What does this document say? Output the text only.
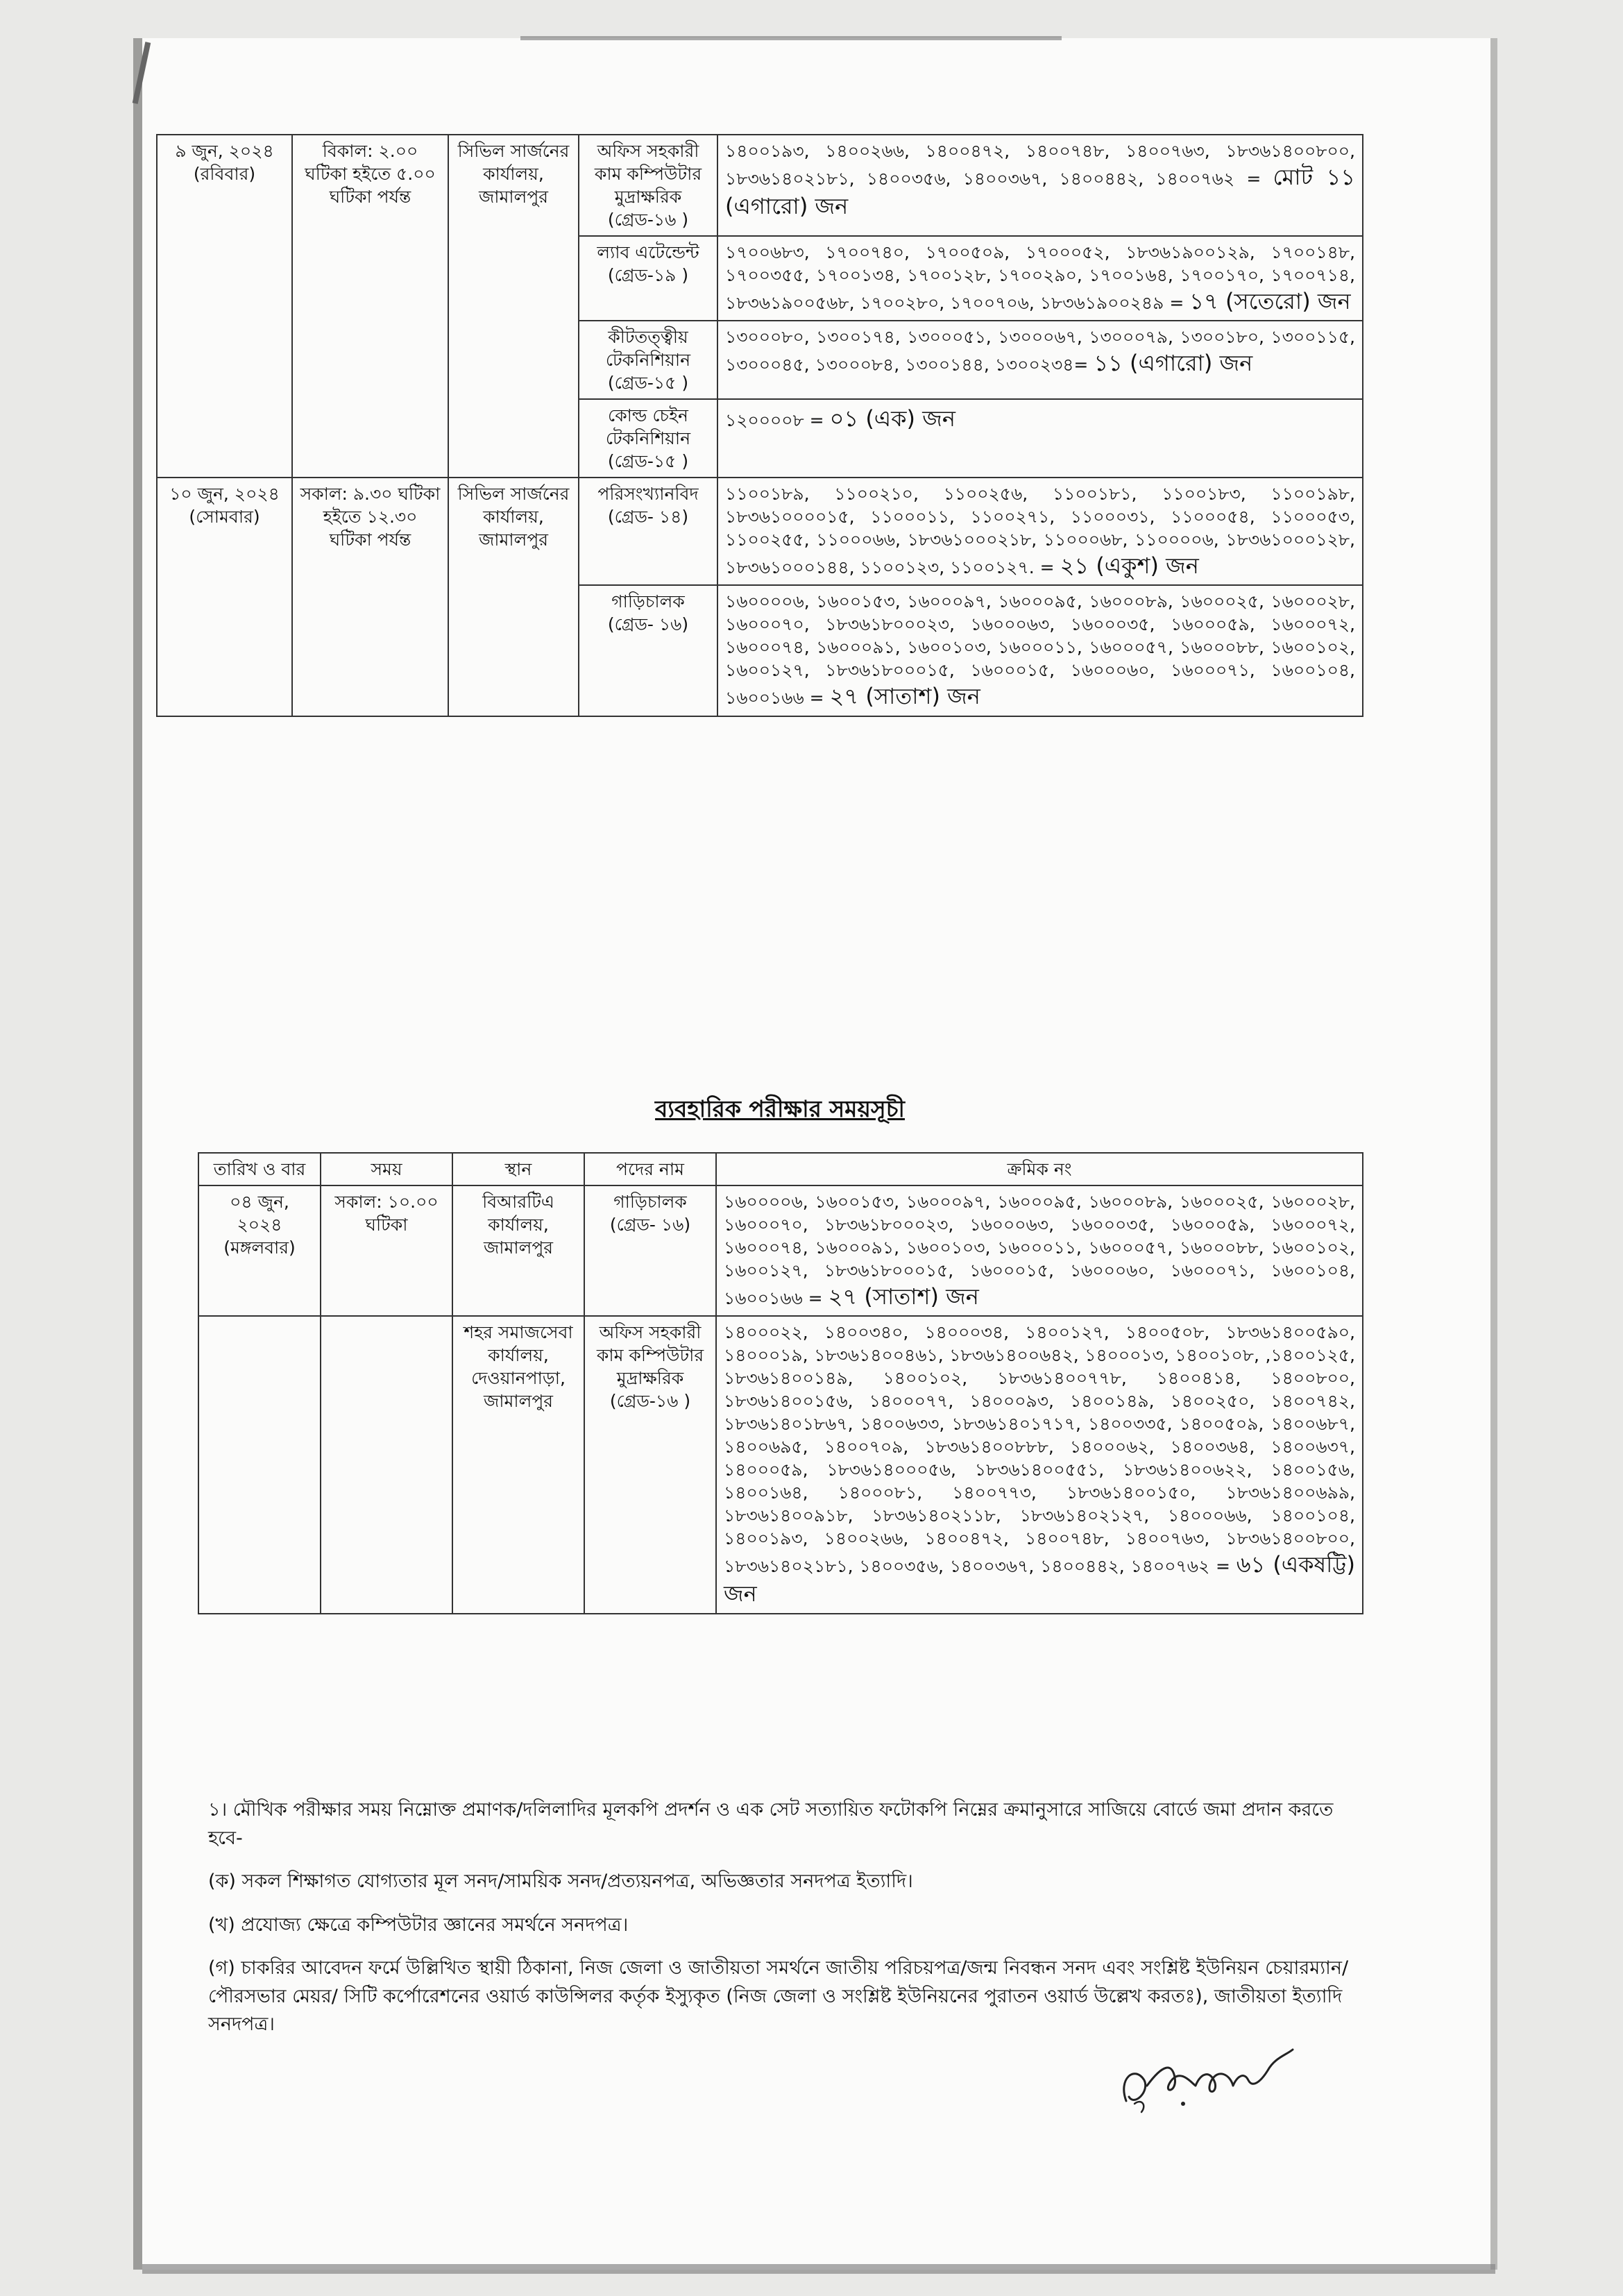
৯ জুন, ২০২৪ (রবিবার)	বিকাল: ২.০০ ঘটিকা হইতে ৫.০০ ঘটিকা পর্যন্ত	সিভিল সার্জনের কার্যালয়, জামালপুর	অফিস সহকারী কাম কম্পিউটার মুদ্রাক্ষরিক (গ্রেড-১৬ )	১৪০০১৯৩, ১৪০০২৬৬, ১৪০০৪৭২, ১৪০০৭৪৮, ১৪০০৭৬৩, ১৮৩৬১৪০০৮০০, ১৮৩৬১৪০২১৮১, ১৪০০৩৫৬, ১৪০০৩৬৭, ১৪০০৪৪২, ১৪০০৭৬২ = মোট ১১ (এগারো) জন
			ল্যাব এটেন্ডেন্ট (গ্রেড-১৯ )	১৭০০৬৮৩, ১৭০০৭৪০, ১৭০০৫০৯, ১৭০০০৫২, ১৮৩৬১৯০০১২৯, ১৭০০১৪৮, ১৭০০৩৫৫, ১৭০০১৩৪, ১৭০০১২৮, ১৭০০২৯০, ১৭০০১৬৪, ১৭০০১৭০, ১৭০০৭১৪, ১৮৩৬১৯০০৫৬৮, ১৭০০২৮০, ১৭০০৭০৬, ১৮৩৬১৯০০২৪৯ = ১৭ (সতেরো) জন
			কীটতত্ত্বীয় টেকনিশিয়ান (গ্রেড-১৫ )	১৩০০০৮০, ১৩০০১৭৪, ১৩০০০৫১, ১৩০০০৬৭, ১৩০০০৭৯, ১৩০০১৮০, ১৩০০১১৫, ১৩০০০৪৫, ১৩০০০৮৪, ১৩০০১৪৪, ১৩০০২৩৪= ১১ (এগারো) জন
			কোল্ড চেইন টেকনিশিয়ান (গ্রেড-১৫ )	১২০০০০৮ = ০১ (এক) জন
১০ জুন, ২০২৪ (সোমবার)	সকাল: ৯.৩০ ঘটিকা হইতে ১২.৩০ ঘটিকা পর্যন্ত	সিভিল সার্জনের কার্যালয়, জামালপুর	পরিসংখ্যানবিদ (গ্রেড- ১৪)	১১০০১৮৯, ১১০০২১০, ১১০০২৫৬, ১১০০১৮১, ১১০০১৮৩, ১১০০১৯৮, ১৮৩৬১০০০০১৫, ১১০০০১১, ১১০০২৭১, ১১০০০৩১, ১১০০০৫৪, ১১০০০৫৩, ১১০০২৫৫, ১১০০০৬৬, ১৮৩৬১০০০২১৮, ১১০০০৬৮, ১১০০০০৬, ১৮৩৬১০০০১২৮, ১৮৩৬১০০০১৪৪, ১১০০১২৩, ১১০০১২৭. = ২১ (একুশ) জন
			গাড়িচালক (গ্রেড- ১৬)	১৬০০০০৬, ১৬০০১৫৩, ১৬০০০৯৭, ১৬০০০৯৫, ১৬০০০৮৯, ১৬০০০২৫, ১৬০০০২৮, ১৬০০০৭০, ১৮৩৬১৮০০০২৩, ১৬০০০৬৩, ১৬০০০৩৫, ১৬০০০৫৯, ১৬০০০৭২, ১৬০০০৭৪, ১৬০০০৯১, ১৬০০১০৩, ১৬০০০১১, ১৬০০০৫৭, ১৬০০০৮৮, ১৬০০১০২, ১৬০০১২৭, ১৮৩৬১৮০০০১৫, ১৬০০০১৫, ১৬০০০৬০, ১৬০০০৭১, ১৬০০১০৪, ১৬০০১৬৬ = ২৭ (সাতাশ) জন
ব্যবহারিক পরীক্ষার সময়সূচী
তারিখ ও বার	সময়	স্থান	পদের নাম	ক্রমিক নং
০৪ জুন, ২০২৪ (মঙ্গলবার)	সকাল: ১০.০০ ঘটিকা	বিআরটিএ কার্যালয়, জামালপুর	গাড়িচালক (গ্রেড- ১৬)	১৬০০০০৬, ১৬০০১৫৩, ১৬০০০৯৭, ১৬০০০৯৫, ১৬০০০৮৯, ১৬০০০২৫, ১৬০০০২৮, ১৬০০০৭০, ১৮৩৬১৮০০০২৩, ১৬০০০৬৩, ১৬০০০৩৫, ১৬০০০৫৯, ১৬০০০৭২, ১৬০০০৭৪, ১৬০০০৯১, ১৬০০১০৩, ১৬০০০১১, ১৬০০০৫৭, ১৬০০০৮৮, ১৬০০১০২, ১৬০০১২৭, ১৮৩৬১৮০০০১৫, ১৬০০০১৫, ১৬০০০৬০, ১৬০০০৭১, ১৬০০১০৪, ১৬০০১৬৬ = ২৭ (সাতাশ) জন
		শহর সমাজসেবা কার্যালয়, দেওয়ানপাড়া, জামালপুর	অফিস সহকারী কাম কম্পিউটার মুদ্রাক্ষরিক (গ্রেড-১৬ )	১৪০০০২২, ১৪০০৩৪০, ১৪০০০৩৪, ১৪০০১২৭, ১৪০০৫০৮, ১৮৩৬১৪০০৫৯০, ১৪০০০১৯, ১৮৩৬১৪০০৪৬১, ১৮৩৬১৪০০৬৪২, ১৪০০০১৩, ১৪০০১০৮, ,১৪০০১২৫, ১৮৩৬১৪০০১৪৯, ১৪০০১০২, ১৮৩৬১৪০০৭৭৮, ১৪০০৪১৪, ১৪০০৮০০, ১৮৩৬১৪০০১৫৬, ১৪০০০৭৭, ১৪০০০৯৩, ১৪০০১৪৯, ১৪০০২৫০, ১৪০০৭৪২, ১৮৩৬১৪০১৮৬৭, ১৪০০৬৩৩, ১৮৩৬১৪০১৭১৭, ১৪০০৩৩৫, ১৪০০৫০৯, ১৪০০৬৮৭, ১৪০০৬৯৫, ১৪০০৭০৯, ১৮৩৬১৪০০৮৮৮, ১৪০০০৬২, ১৪০০৩৬৪, ১৪০০৬৩৭, ১৪০০০৫৯, ১৮৩৬১৪০০০৫৬, ১৮৩৬১৪০০৫৫১, ১৮৩৬১৪০০৬২২, ১৪০০১৫৬, ১৪০০১৬৪, ১৪০০০৮১, ১৪০০৭৭৩, ১৮৩৬১৪০০১৫০, ১৮৩৬১৪০০৬৯৯, ১৮৩৬১৪০০৯১৮, ১৮৩৬১৪০২১১৮, ১৮৩৬১৪০২১২৭, ১৪০০০৬৬, ১৪০০১০৪, ১৪০০১৯৩, ১৪০০২৬৬, ১৪০০৪৭২, ১৪০০৭৪৮, ১৪০০৭৬৩, ১৮৩৬১৪০০৮০০, ১৮৩৬১৪০২১৮১, ১৪০০৩৫৬, ১৪০০৩৬৭, ১৪০০৪৪২, ১৪০০৭৬২ = ৬১ (একষট্টি) জন

১। মৌখিক পরীক্ষার সময় নিম্নোক্ত প্রমাণক/দলিলাদির মূলকপি প্রদর্শন ও এক সেট সত্যায়িত ফটোকপি নিম্নের ক্রমানুসারে সাজিয়ে বোর্ডে জমা প্রদান করতে হবে-

(ক) সকল শিক্ষাগত যোগ্যতার মূল সনদ/সাময়িক সনদ/প্রত্যয়নপত্র, অভিজ্ঞতার সনদপত্র ইত্যাদি।

(খ) প্রযোজ্য ক্ষেত্রে কম্পিউটার জ্ঞানের সমর্থনে সনদপত্র।

(গ) চাকরির আবেদন ফর্মে উল্লিখিত স্থায়ী ঠিকানা, নিজ জেলা ও জাতীয়তা সমর্থনে জাতীয় পরিচয়পত্র/জন্ম নিবন্ধন সনদ এবং সংশ্লিষ্ট ইউনিয়ন চেয়ারম্যান/ পৌরসভার মেয়র/ সিটি কর্পোরেশনের ওয়ার্ড কাউন্সিলর কর্তৃক ইস্যুকৃত (নিজ জেলা ও সংশ্লিষ্ট ইউনিয়নের পুরাতন ওয়ার্ড উল্লেখ করতঃ), জাতীয়তা ইত্যাদি সনদপত্র।
